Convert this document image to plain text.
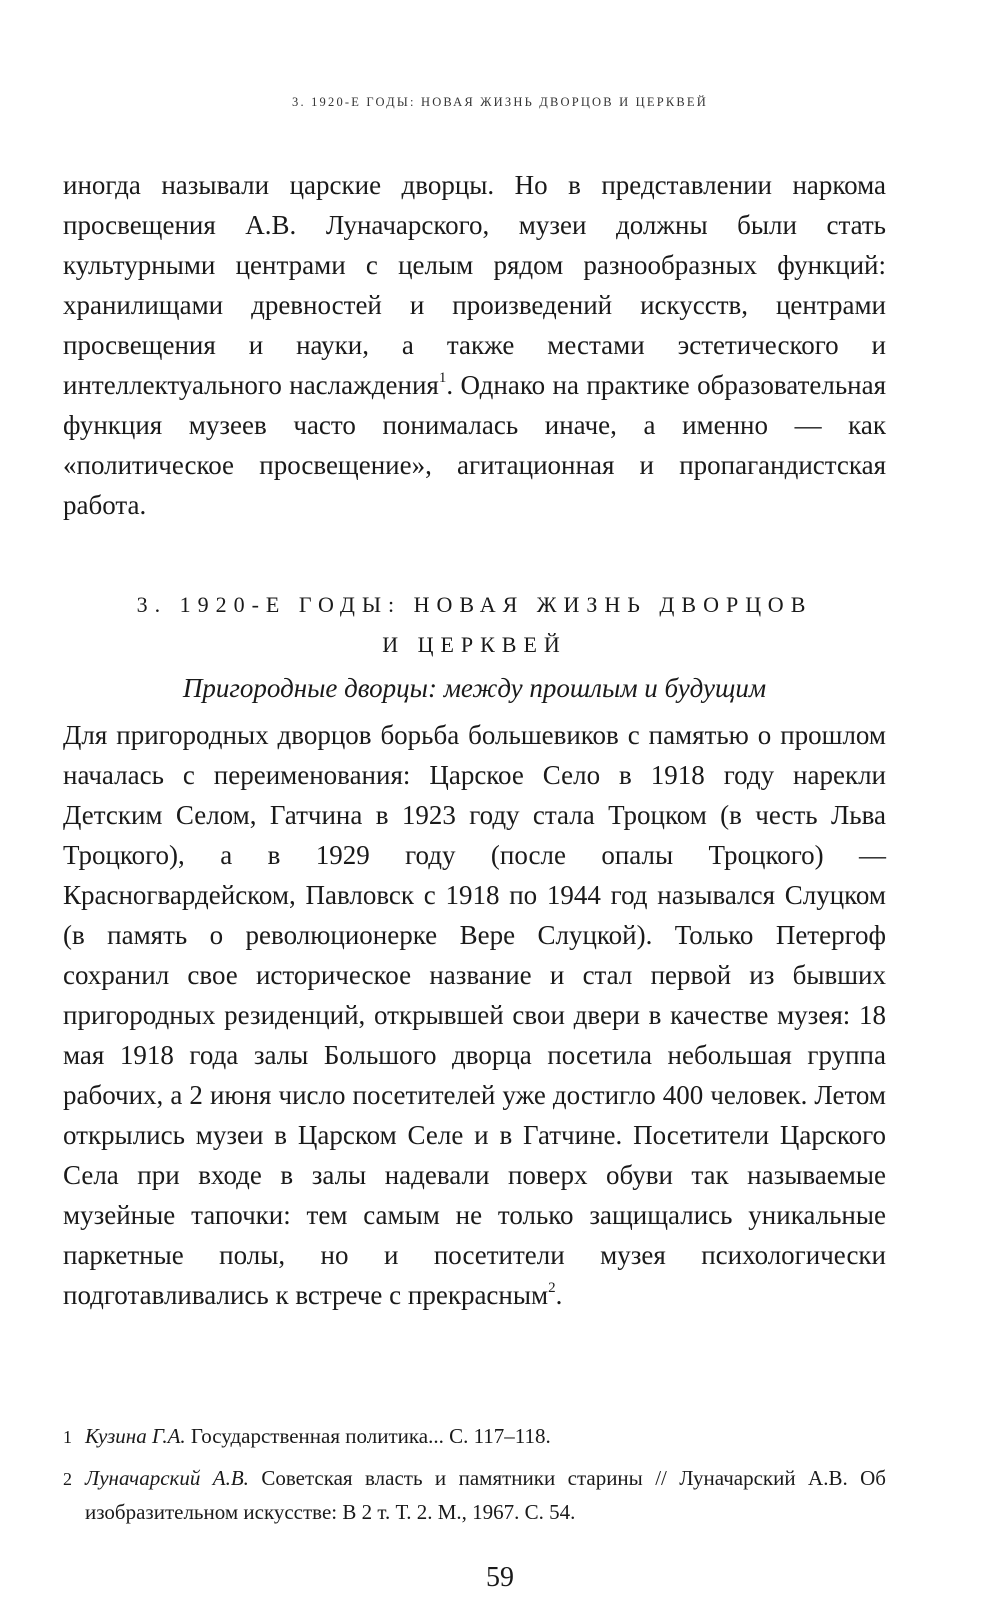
3. 1920-Е ГОДЫ: НОВАЯ ЖИЗНЬ ДВОРЦОВ И ЦЕРКВЕЙ

иногда называли царские дворцы. Но в представлении наркома просвещения А.В. Луначарского, музеи должны были стать культурными центрами с целым рядом разнообразных функций: хранилищами древностей и произведений искусств, центрами просвещения и науки, а также местами эстетического и интеллектуального наслаждения$^1$. Однако на практике образовательная функция музеев часто понималась иначе, а именно — как «политическое просвещение», агитационная и пропагандистская работа.

3. 1920-Е ГОДЫ: НОВАЯ ЖИЗНЬ ДВОРЦОВ
И ЦЕРКВЕЙ
Пригородные дворцы: между прошлым и будущим

Для пригородных дворцов борьба большевиков с памятью о прошлом началась с переименования: Царское Село в 1918 году нарекли Детским Селом, Гатчина в 1923 году стала Троцком (в честь Льва Троцкого), а в 1929 году (после опалы Троцкого) — Красногвардейском, Павловск с 1918 по 1944 год назывался Слуцком (в память о революционерке Вере Слуцкой). Только Петергоф сохранил свое историческое название и стал первой из бывших пригородных резиденций, открывшей свои двери в качестве музея: 18 мая 1918 года залы Большого дворца посетила небольшая группа рабочих, а 2 июня число посетителей уже достигло 400 человек. Летом открылись музеи в Царском Селе и в Гатчине. Посетители Царского Села при входе в залы надевали поверх обуви так называемые музейные тапочки: тем самым не только защищались уникальные паркетные полы, но и посетители музея психологически подготавливались к встрече с прекрасным$^2$.

1 Кузина Г.А. Государственная политика... С. 117–118.

2 Луначарский А.В. Советская власть и памятники старины // Луначарский А.В. Об изобразительном искусстве: В 2 т. Т. 2. М., 1967. С. 54.

59
